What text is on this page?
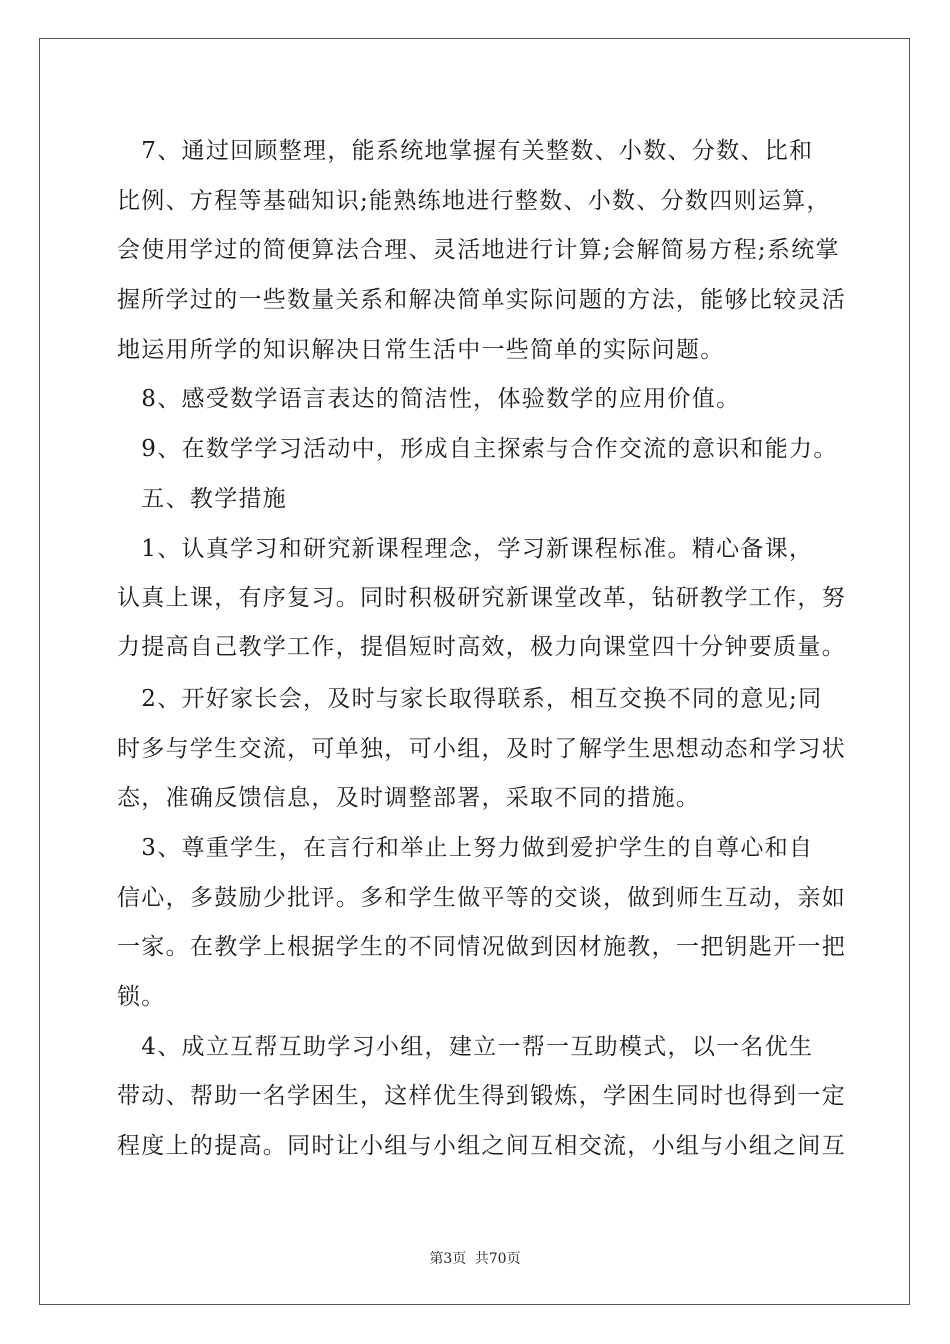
　7、通过回顾整理，能系统地掌握有关整数、小数、分数、比和
比例、方程等基础知识;能熟练地进行整数、小数、分数四则运算，
会使用学过的简便算法合理、灵活地进行计算;会解简易方程;系统掌
握所学过的一些数量关系和解决简单实际问题的方法，能够比较灵活
地运用所学的知识解决日常生活中一些简单的实际问题。
　8、感受数学语言表达的简洁性，体验数学的应用价值。
　9、在数学学习活动中，形成自主探索与合作交流的意识和能力。
　五、教学措施
　1、认真学习和研究新课程理念，学习新课程标准。精心备课，
认真上课，有序复习。同时积极研究新课堂改革，钻研教学工作，努
力提高自己教学工作，提倡短时高效，极力向课堂四十分钟要质量。
　2、开好家长会，及时与家长取得联系，相互交换不同的意见;同
时多与学生交流，可单独，可小组，及时了解学生思想动态和学习状
态，准确反馈信息，及时调整部署，采取不同的措施。
　3、尊重学生，在言行和举止上努力做到爱护学生的自尊心和自
信心，多鼓励少批评。多和学生做平等的交谈，做到师生互动，亲如
一家。在教学上根据学生的不同情况做到因材施教，一把钥匙开一把
锁。
　4、成立互帮互助学习小组，建立一帮一互助模式，以一名优生
带动、帮助一名学困生，这样优生得到锻炼，学困生同时也得到一定
程度上的提高。同时让小组与小组之间互相交流，小组与小组之间互
第3页 共70页
